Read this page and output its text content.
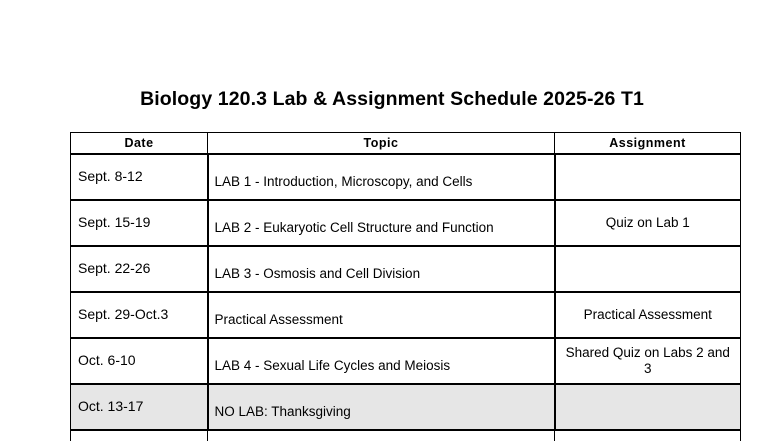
Biology 120.3 Lab & Assignment Schedule 2025-26 T1
Date	Topic	Assignment
Sept. 8-12	LAB 1 - Introduction, Microscopy, and Cells	
Sept. 15-19	LAB 2 - Eukaryotic Cell Structure and Function	Quiz on Lab 1
Sept. 22-26	LAB 3 - Osmosis and Cell Division	
Sept. 29-Oct.3	Practical Assessment	Practical Assessment
Oct. 6-10	LAB 4 - Sexual Life Cycles and Meiosis	Shared Quiz on Labs 2 and 3
Oct. 13-17	NO LAB: Thanksgiving	
